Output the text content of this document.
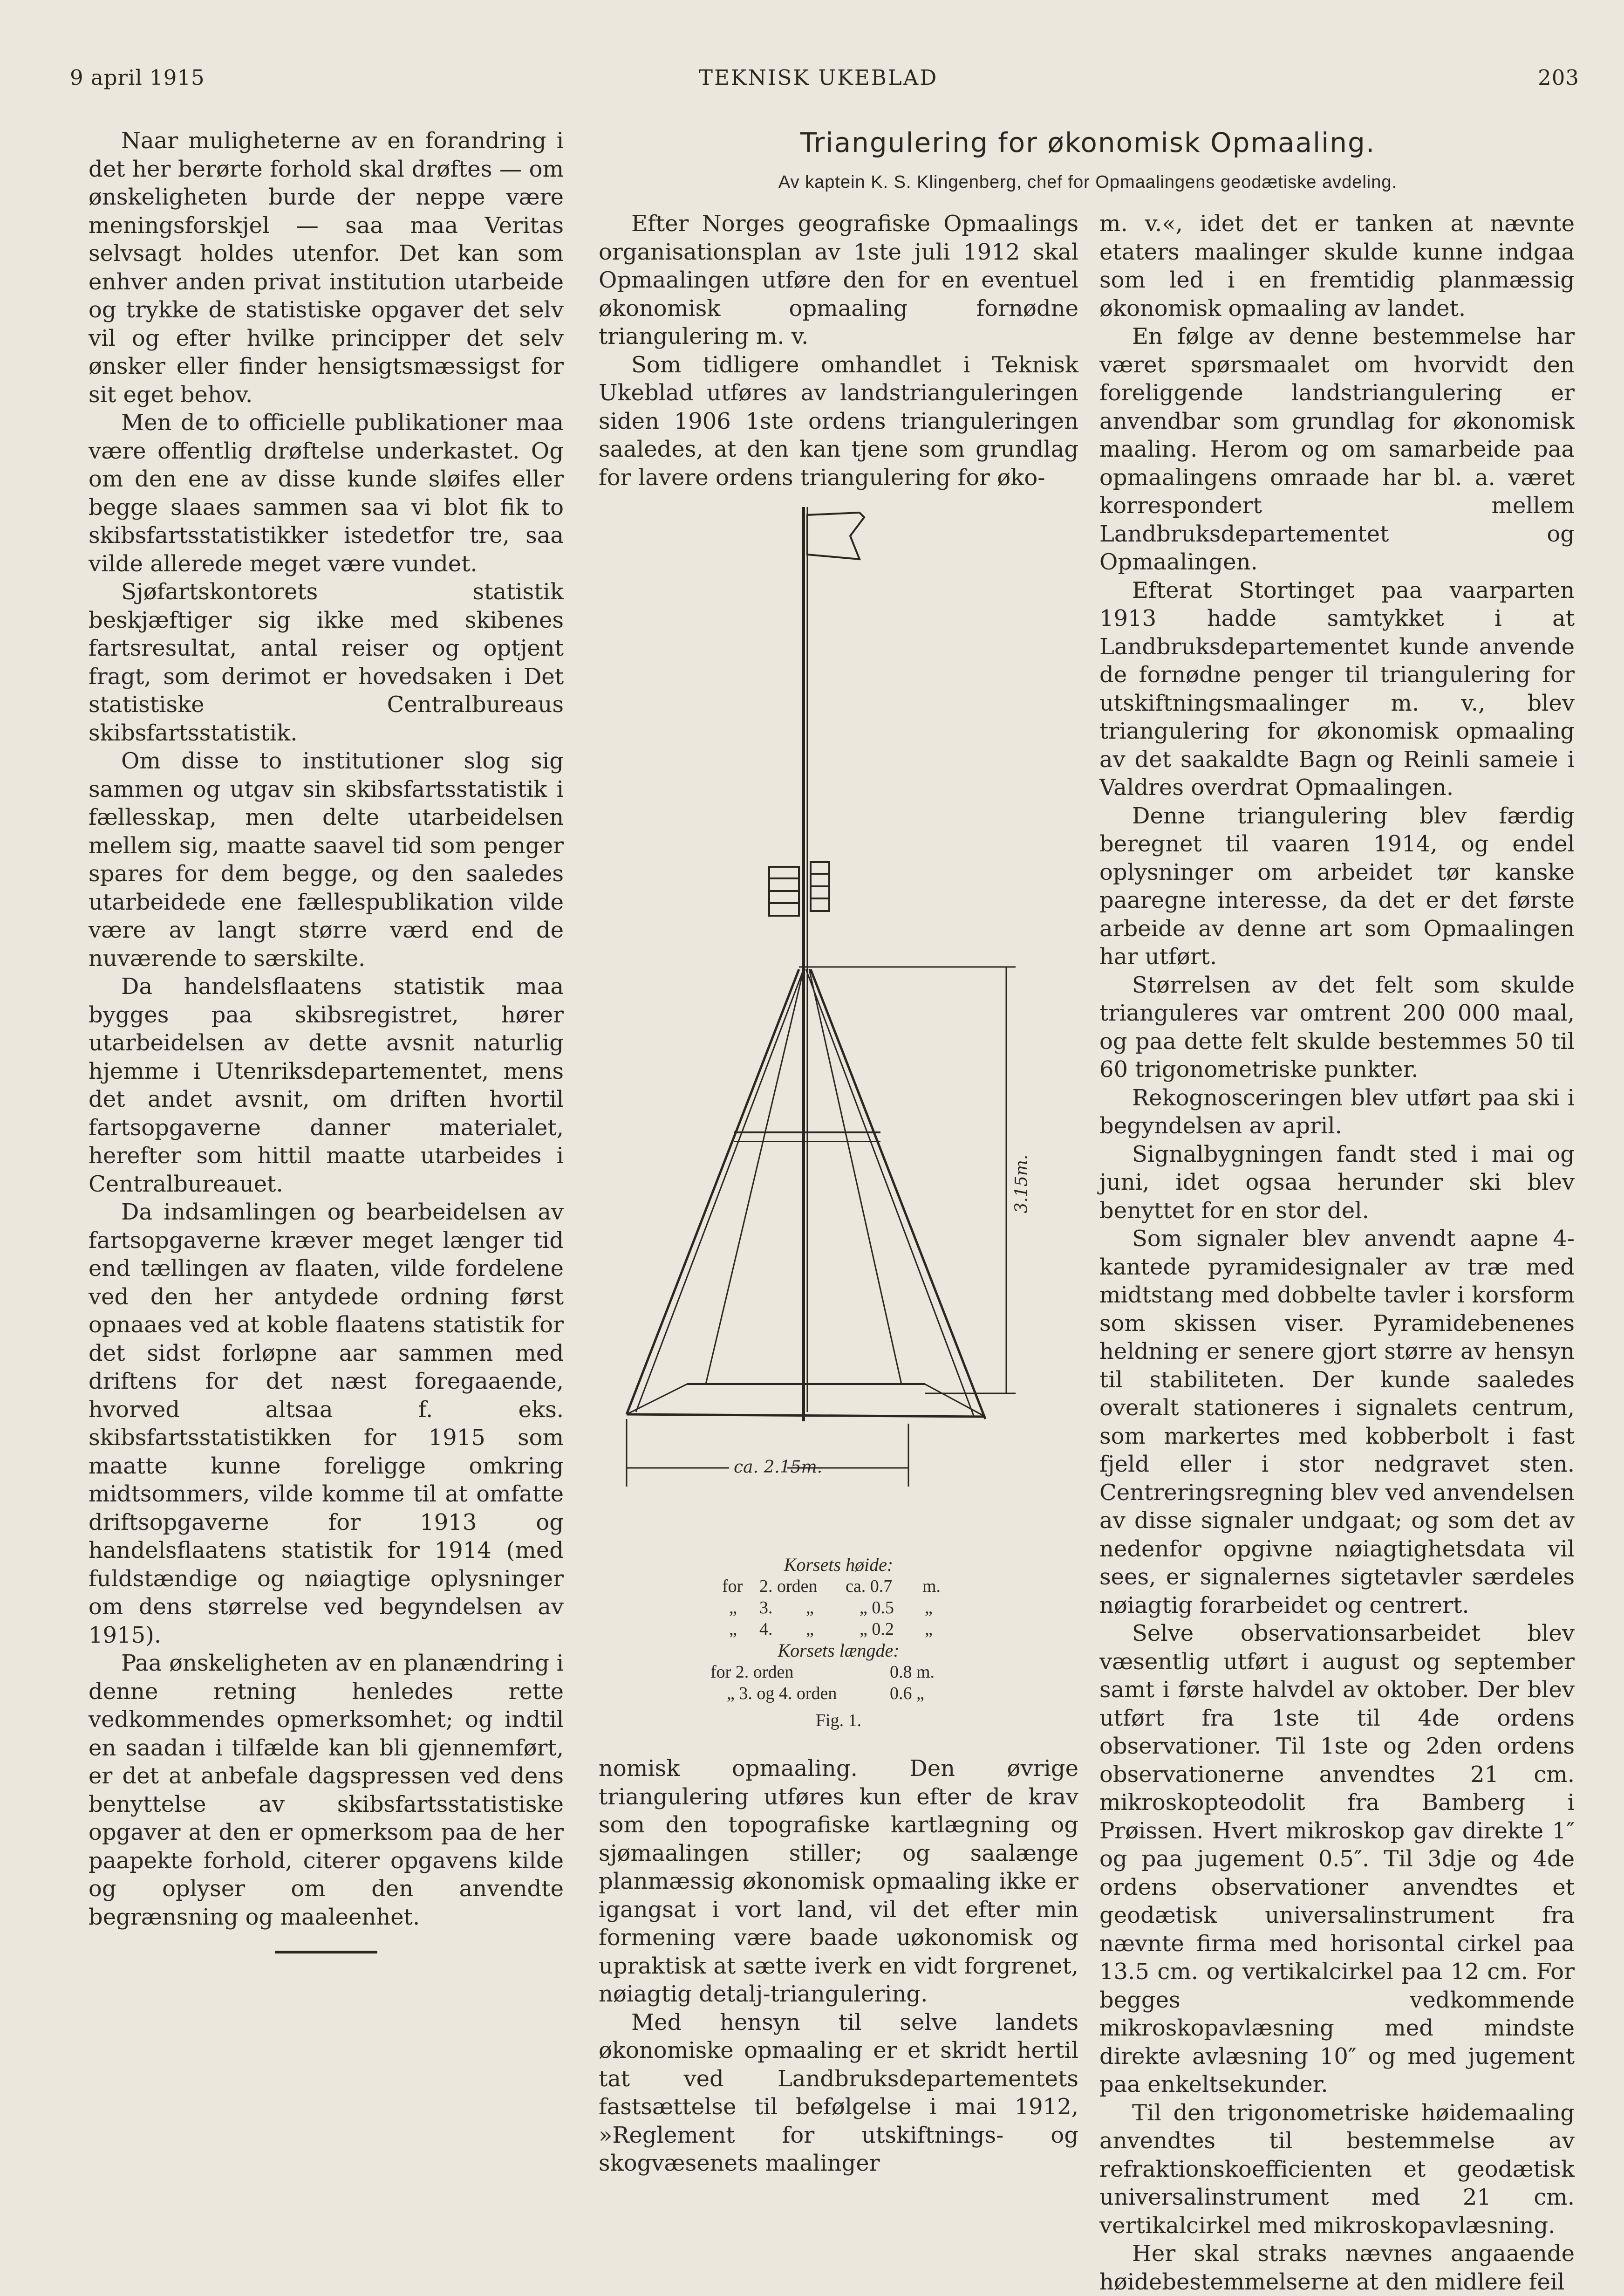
9 april 1915	TEKNISK UKEBLAD	203

Naar muligheterne av en forandring i det her berørte forhold skal drøftes — om ønskeligheten burde der neppe være meningsforskjel — saa maa Veritas selvsagt holdes utenfor. Det kan som enhver anden privat institution utarbeide og trykke de statistiske opgaver det selv vil og efter hvilke principper det selv ønsker eller finder hensigtsmæssigst for sit eget behov.

Men de to officielle publikationer maa være offentlig drøftelse underkastet. Og om den ene av disse kunde sløifes eller begge slaaes sammen saa vi blot fik to skibsfartsstatistikker istedetfor tre, saa vilde allerede meget være vundet.

Sjøfartskontorets statistik beskjæftiger sig ikke med skibenes fartsresultat, antal reiser og optjent fragt, som derimot er hovedsaken i Det statistiske Centralbureaus skibsfartsstatistik.

Om disse to institutioner slog sig sammen og utgav sin skibsfartsstatistik i fællesskap, men delte utarbeidelsen mellem sig, maatte saavel tid som penger spares for dem begge, og den saaledes utarbeidede ene fællespublikation vilde være av langt større værd end de nuværende to særskilte.

Da handelsflaatens statistik maa bygges paa skibsregistret, hører utarbeidelsen av dette avsnit naturlig hjemme i Utenriksdepartementet, mens det andet avsnit, om driften hvortil fartsopgaverne danner materialet, herefter som hittil maatte utarbeides i Centralbureauet.

Da indsamlingen og bearbeidelsen av fartsopgaverne kræver meget længer tid end tællingen av flaaten, vilde fordelene ved den her antydede ordning først opnaaes ved at koble flaatens statistik for det sidst forløpne aar sammen med driftens for det næst foregaaende, hvorved altsaa f. eks. skibsfartsstatistikken for 1915 som maatte kunne foreligge omkring midtsommers, vilde komme til at omfatte driftsopgaverne for 1913 og handelsflaatens statistik for 1914 (med fuldstændige og nøiagtige oplysninger om dens størrelse ved begyndelsen av 1915).

Paa ønskeligheten av en planændring i denne retning henledes rette vedkommendes opmerksomhet; og indtil en saadan i tilfælde kan bli gjennemført, er det at anbefale dagspressen ved dens benyttelse av skibsfartsstatistiske opgaver at den er opmerksom paa de her paapekte forhold, citerer opgavens kilde og oplyser om den anvendte begrænsning og maaleenhet.

Triangulering for økonomisk Opmaaling.
Av kaptein K. S. Klingenberg, chef for Opmaalingens geodætiske avdeling.

Efter Norges geografiske Opmaalings organisationsplan av 1ste juli 1912 skal Opmaalingen utføre den for en eventuel økonomisk opmaaling fornødne triangulering m. v.

Som tidligere omhandlet i Teknisk Ukeblad utføres av landstrianguleringen siden 1906 1ste ordens trianguleringen saaledes, at den kan tjene som grundlag for lavere ordens triangulering for øko-

3.15m.
ca. 2.15m.
Korsets høide:
for 2. orden ca. 0.7 m.
„ 3. „	„ 0.5 „
„ 4. „	„ 0.2 „
Korsets længde:
for 2. orden	0.8 m.
„ 3. og 4. orden	0.6 „
Fig. 1.

nomisk opmaaling. Den øvrige triangulering utføres kun efter de krav som den topografiske kartlægning og sjømaalingen stiller; og saalænge planmæssig økonomisk opmaaling ikke er igangsat i vort land, vil det efter min formening være baade uøkonomisk og upraktisk at sætte iverk en vidt forgrenet, nøiagtig detalj-triangulering.

Med hensyn til selve landets økonomiske opmaaling er et skridt hertil tat ved Landbruksdepartementets fastsættelse til befølgelse i mai 1912, »Reglement for utskiftnings- og skogvæsenets maalinger

m. v.«, idet det er tanken at nævnte etaters maalinger skulde kunne indgaa som led i en fremtidig planmæssig økonomisk opmaaling av landet.

En følge av denne bestemmelse har været spørsmaalet om hvorvidt den foreliggende landstriangulering er anvendbar som grundlag for økonomisk maaling. Herom og om samarbeide paa opmaalingens omraade har bl. a. været korrespondert mellem Landbruksdepartementet og Opmaalingen.

Efterat Stortinget paa vaarparten 1913 hadde samtykket i at Landbruksdepartementet kunde anvende de fornødne penger til triangulering for utskiftningsmaalinger m. v., blev triangulering for økonomisk opmaaling av det saakaldte Bagn og Reinli sameie i Valdres overdrat Opmaalingen.

Denne triangulering blev færdig beregnet til vaaren 1914, og endel oplysninger om arbeidet tør kanske paaregne interesse, da det er det første arbeide av denne art som Opmaalingen har utført.

Størrelsen av det felt som skulde trianguleres var omtrent 200 000 maal, og paa dette felt skulde bestemmes 50 til 60 trigonometriske punkter.

Rekognosceringen blev utført paa ski i begyndelsen av april.

Signalbygningen fandt sted i mai og juni, idet ogsaa herunder ski blev benyttet for en stor del.

Som signaler blev anvendt aapne 4-kantede pyramidesignaler av træ med midtstang med dobbelte tavler i korsform som skissen viser. Pyramidebenenes heldning er senere gjort større av hensyn til stabiliteten. Der kunde saaledes overalt stationeres i signalets centrum, som markertes med kobberbolt i fast fjeld eller i stor nedgravet sten. Centreringsregning blev ved anvendelsen av disse signaler undgaat; og som det av nedenfor opgivne nøiagtighetsdata vil sees, er signalernes sigtetavler særdeles nøiagtig forarbeidet og centrert.

Selve observationsarbeidet blev væsentlig utført i august og september samt i første halvdel av oktober. Der blev utført fra 1ste til 4de ordens observationer. Til 1ste og 2den ordens observationerne anvendtes 21 cm. mikroskopteodolit fra Bamberg i Prøissen. Hvert mikroskop gav direkte 1″ og paa jugement 0.5″. Til 3dje og 4de ordens observationer anvendtes et geodætisk universalinstrument fra nævnte firma med horisontal cirkel paa 13.5 cm. og vertikalcirkel paa 12 cm. For begges vedkommende mikroskopavlæsning med mindste direkte avlæsning 10″ og med jugement paa enkeltsekunder.

Til den trigonometriske høidemaaling anvendtes til bestemmelse av refraktionskoefficienten et geodætisk universalinstrument med 21 cm. vertikalcirkel med mikroskopavlæsning.

Her skal straks nævnes angaaende høidebestemmelserne at den midlere feil
